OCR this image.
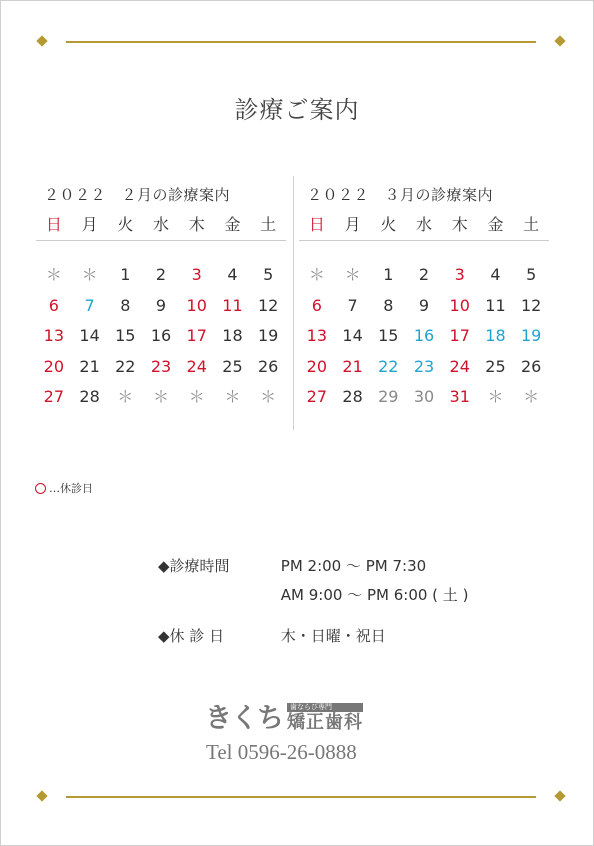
診療ご案内
２０２２　２月の診療案内
日	月	火	水	木	金	土
＊	＊	1	2	3	4	5
6	7	8	9	10 11 12
13 14 15 16 17 18 19
20 21 22 23 24 25 26
27 28	＊	＊	＊	＊	＊
２０２２　３月の診療案内
日	月	火	水	木	金	土
＊	＊	1	2	3	4	5
6	7	8	9	10 11 12
13 14 15 16 17 18 19
20 21 22 23 24 25 26
27 28 29 30 31	＊	＊
…休診日
◆診療時間	PM 2:00 〜 PM 7:30
AM 9:00 〜 PM 6:00 ( 土 )
◆休 診 日	木・日曜・祝日
きくち	歯ならび専門
矯正歯科
Tel 0596-26-0888
